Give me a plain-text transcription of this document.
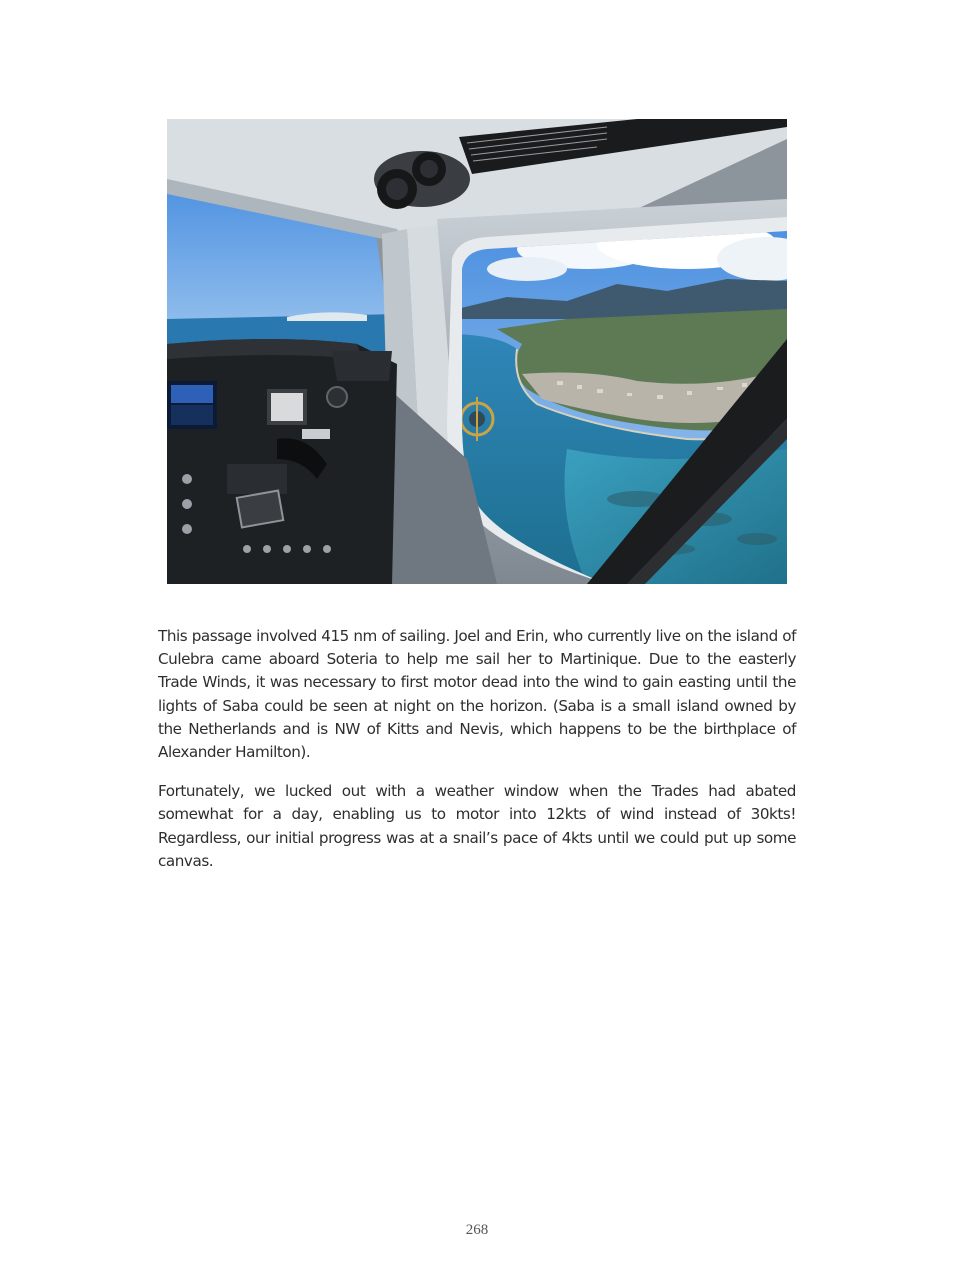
This passage involved 415 nm of sailing. Joel and Erin, who currently live on the island of Culebra came aboard Soteria to help me sail her to Martinique. Due to the easterly Trade Winds, it was necessary to first motor dead into the wind to gain easting until the lights of Saba could be seen at night on the horizon. (Saba is a small island owned by the Netherlands and is NW of Kitts and Nevis, which happens to be the birthplace of Alexander Hamilton).

Fortunately, we lucked out with a weather window when the Trades had abated somewhat for a day, enabling us to motor into 12kts of wind instead of 30kts! Regardless, our initial progress was at a snail’s pace of 4kts until we could put up some canvas.

268
